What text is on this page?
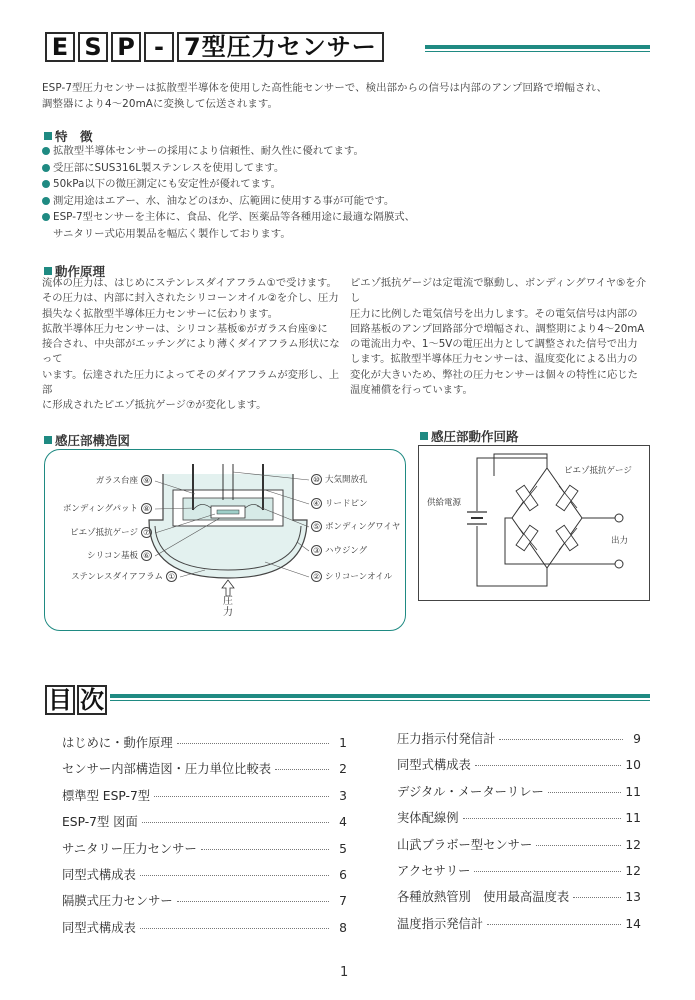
E S P - 7型圧力センサー
ESP-7型圧力センサーは拡散型半導体を使用した高性能センサーで、検出部からの信号は内部のアンプ回路で増幅され、
調整器により4～20mAに変換して伝送されます。
特　徴
拡散型半導体センサーの採用により信頼性、耐久性に優れてます。
受圧部にSUS316L製ステンレスを使用してます。
50kPa以下の微圧測定にも安定性が優れてます。
測定用途はエアー、水、油などのほか、広範囲に使用する事が可能です。
ESP-7型センサーを主体に、食品、化学、医薬品等各種用途に最適な隔膜式、
サニタリー式応用製品を幅広く製作しております。
動作原理
流体の圧力は、はじめにステンレスダイアフラム①で受けます。
その圧力は、内部に封入されたシリコーンオイル②を介し、圧力
損失なく拡散型半導体圧力センサーに伝わります。
拡散半導体圧力センサーは、シリコン基板⑥がガラス台座⑨に
接合され、中央部がエッチングにより薄くダイアフラム形状になって
います。伝達された圧力によってそのダイアフラムが変形し、上部
に形成されたピエゾ抵抗ゲージ⑦が変化します。
ピエゾ抵抗ゲージは定電流で駆動し、ボンディングワイヤ⑤を介し
圧力に比例した電気信号を出力します。その電気信号は内部の
回路基板のアンプ回路部分で増幅され、調整期により4～20mA
の電流出力や、1～5Vの電圧出力として調整された信号で出力
します。拡散型半導体圧力センサーは、温度変化による出力の
変化が大きいため、弊社の圧力センサーは個々の特性に応じた
温度補償を行っています。
感圧部構造図
ガラス台座 ⑨
ボンディングパット ⑧
ピエゾ抵抗ゲージ ⑦
シリコン基板 ⑥
ステンレスダイアフラム ①
⑩ 大気開放孔
④ リードピン
⑤ ボンディングワイヤ
③ ハウジング
② シリコーンオイル
圧力
感圧部動作回路
ピエゾ抵抗ゲージ
供給電源
出力
目 次
はじめに・動作原理	1
センサー内部構造図・圧力単位比較表	2
標準型 ESP-7型	3
ESP-7型 図面	4
サニタリー圧力センサー	5
同型式構成表	6
隔膜式圧力センサー	7
同型式構成表	8
圧力指示付発信計	9
同型式構成表	10
デジタル・メーターリレー	11
実体配線例	11
山武ブラボー型センサー	12
アクセサリー	12
各種放熱管別　使用最高温度表	13
温度指示発信計	14
1
